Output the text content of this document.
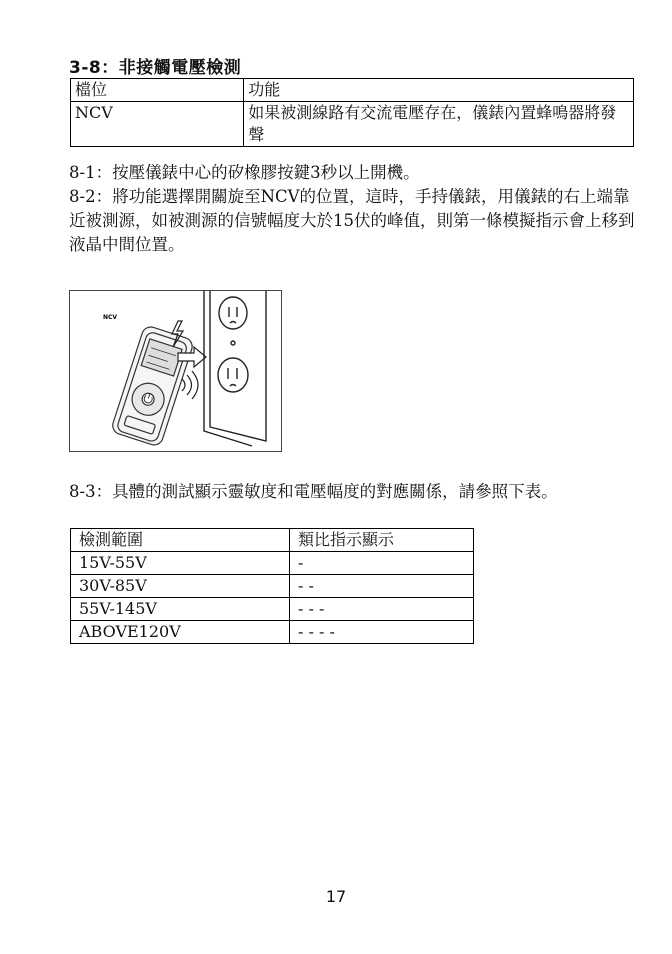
3-8：非接觸電壓檢測
檔位	功能
NCV	如果被測線路有交流電壓存在，儀錶內置蜂鳴器將發聲

8-1：按壓儀錶中心的矽橡膠按鍵3秒以上開機。

8-2：將功能選擇開關旋至NCV的位置，這時，手持儀錶，用儀錶的右上端靠近被測源，如被測源的信號幅度大於15伏的峰值，則第一條模擬指示會上移到液晶中間位置。

NCV

8-3：具體的測試顯示靈敏度和電壓幅度的對應關係，請參照下表。

檢測範圍	類比指示顯示
15V-55V	-
30V-85V	- -
55V-145V	- - -
ABOVE120V	- - - -
17
